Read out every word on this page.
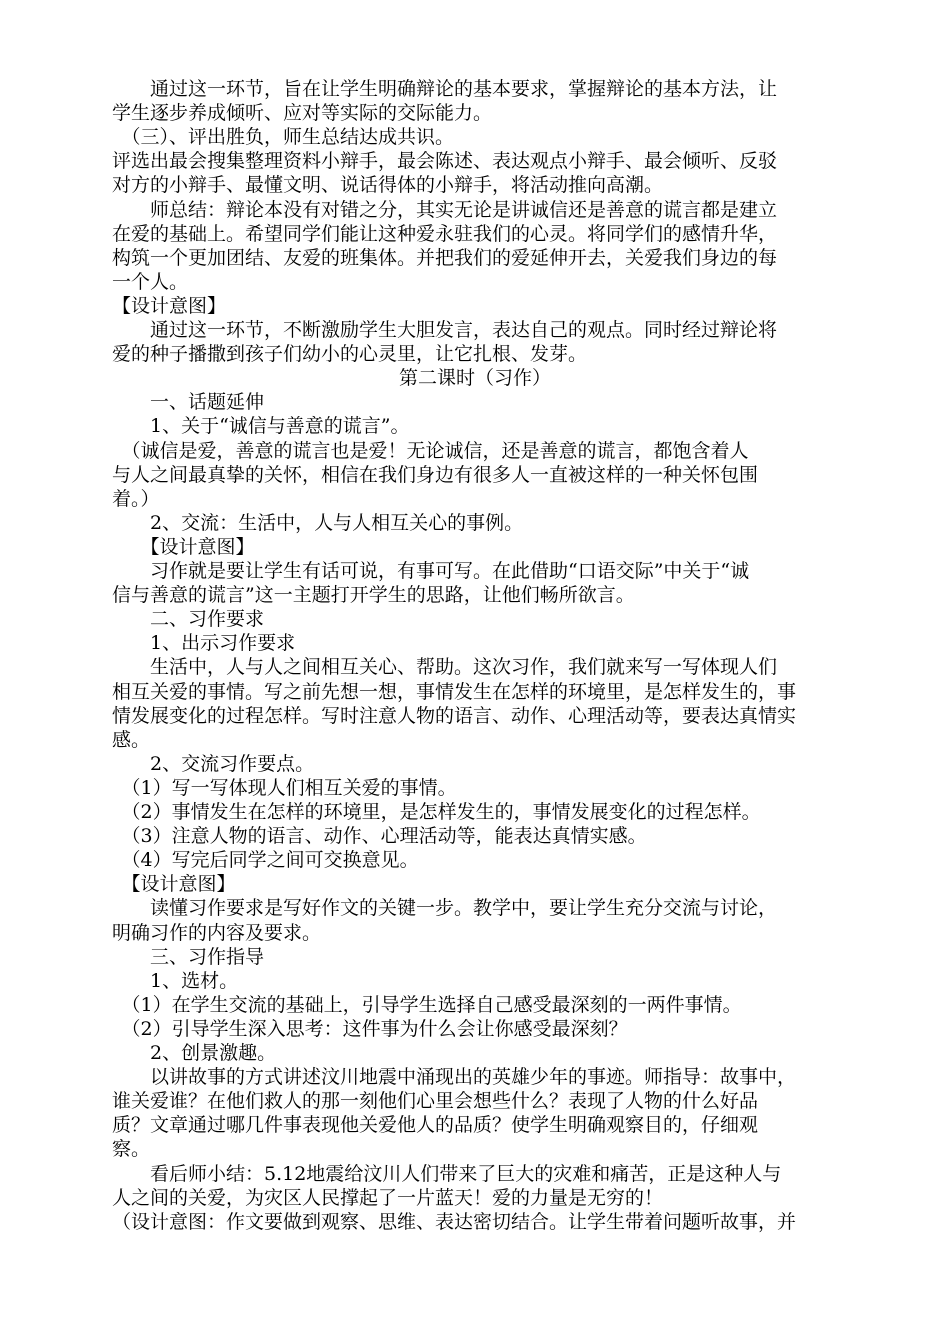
　　通过这一环节，旨在让学生明确辩论的基本要求，掌握辩论的基本方法，让

学生逐步养成倾听、应对等实际的交际能力。

　（三）、评出胜负，师生总结达成共识。

评选出最会搜集整理资料小辩手，最会陈述、表达观点小辩手、最会倾听、反驳

对方的小辩手、最懂文明、说话得体的小辩手，将活动推向高潮。

　　师总结：辩论本没有对错之分，其实无论是讲诚信还是善意的谎言都是建立

在爱的基础上。希望同学们能让这种爱永驻我们的心灵。将同学们的感情升华，

构筑一个更加团结、友爱的班集体。并把我们的爱延伸开去，关爱我们身边的每

一个人。

【设计意图】

　　通过这一环节，不断激励学生大胆发言，表达自己的观点。同时经过辩论将

爱的种子播撒到孩子们幼小的心灵里，让它扎根、发芽。

第二课时（习作）

　　一、话题延伸

　　1、关于“诚信与善意的谎言”。

　（诚信是爱，善意的谎言也是爱！无论诚信，还是善意的谎言，都饱含着人

与人之间最真挚的关怀，相信在我们身边有很多人一直被这样的一种关怀包围

着。）

　　2、交流：生活中，人与人相互关心的事例。

　　【设计意图】

　　习作就是要让学生有话可说，有事可写。在此借助“口语交际”中关于“诚

信与善意的谎言”这一主题打开学生的思路，让他们畅所欲言。

　　二、习作要求

　　1、出示习作要求

　　生活中，人与人之间相互关心、帮助。这次习作，我们就来写一写体现人们

相互关爱的事情。写之前先想一想，事情发生在怎样的环境里，是怎样发生的，事

情发展变化的过程怎样。写时注意人物的语言、动作、心理活动等，要表达真情实

感。

　　2、交流习作要点。

　（1）写一写体现人们相互关爱的事情。

　（2）事情发生在怎样的环境里，是怎样发生的，事情发展变化的过程怎样。

　（3）注意人物的语言、动作、心理活动等，能表达真情实感。

　（4）写完后同学之间可交换意见。

　【设计意图】

　　读懂习作要求是写好作文的关键一步。教学中，要让学生充分交流与讨论，

明确习作的内容及要求。

　　三、习作指导

　　1、选材。

　（1）在学生交流的基础上，引导学生选择自己感受最深刻的一两件事情。

　（2）引导学生深入思考：这件事为什么会让你感受最深刻？

　　2、创景激趣。

　　以讲故事的方式讲述汶川地震中涌现出的英雄少年的事迹。师指导：故事中，

谁关爱谁？在他们救人的那一刻他们心里会想些什么？表现了人物的什么好品

质？文章通过哪几件事表现他关爱他人的品质？使学生明确观察目的，仔细观

察。

　　看后师小结：5.12地震给汶川人们带来了巨大的灾难和痛苦，正是这种人与

人之间的关爱，为灾区人民撑起了一片蓝天！爱的力量是无穷的！

（设计意图：作文要做到观察、思维、表达密切结合。让学生带着问题听故事，并
